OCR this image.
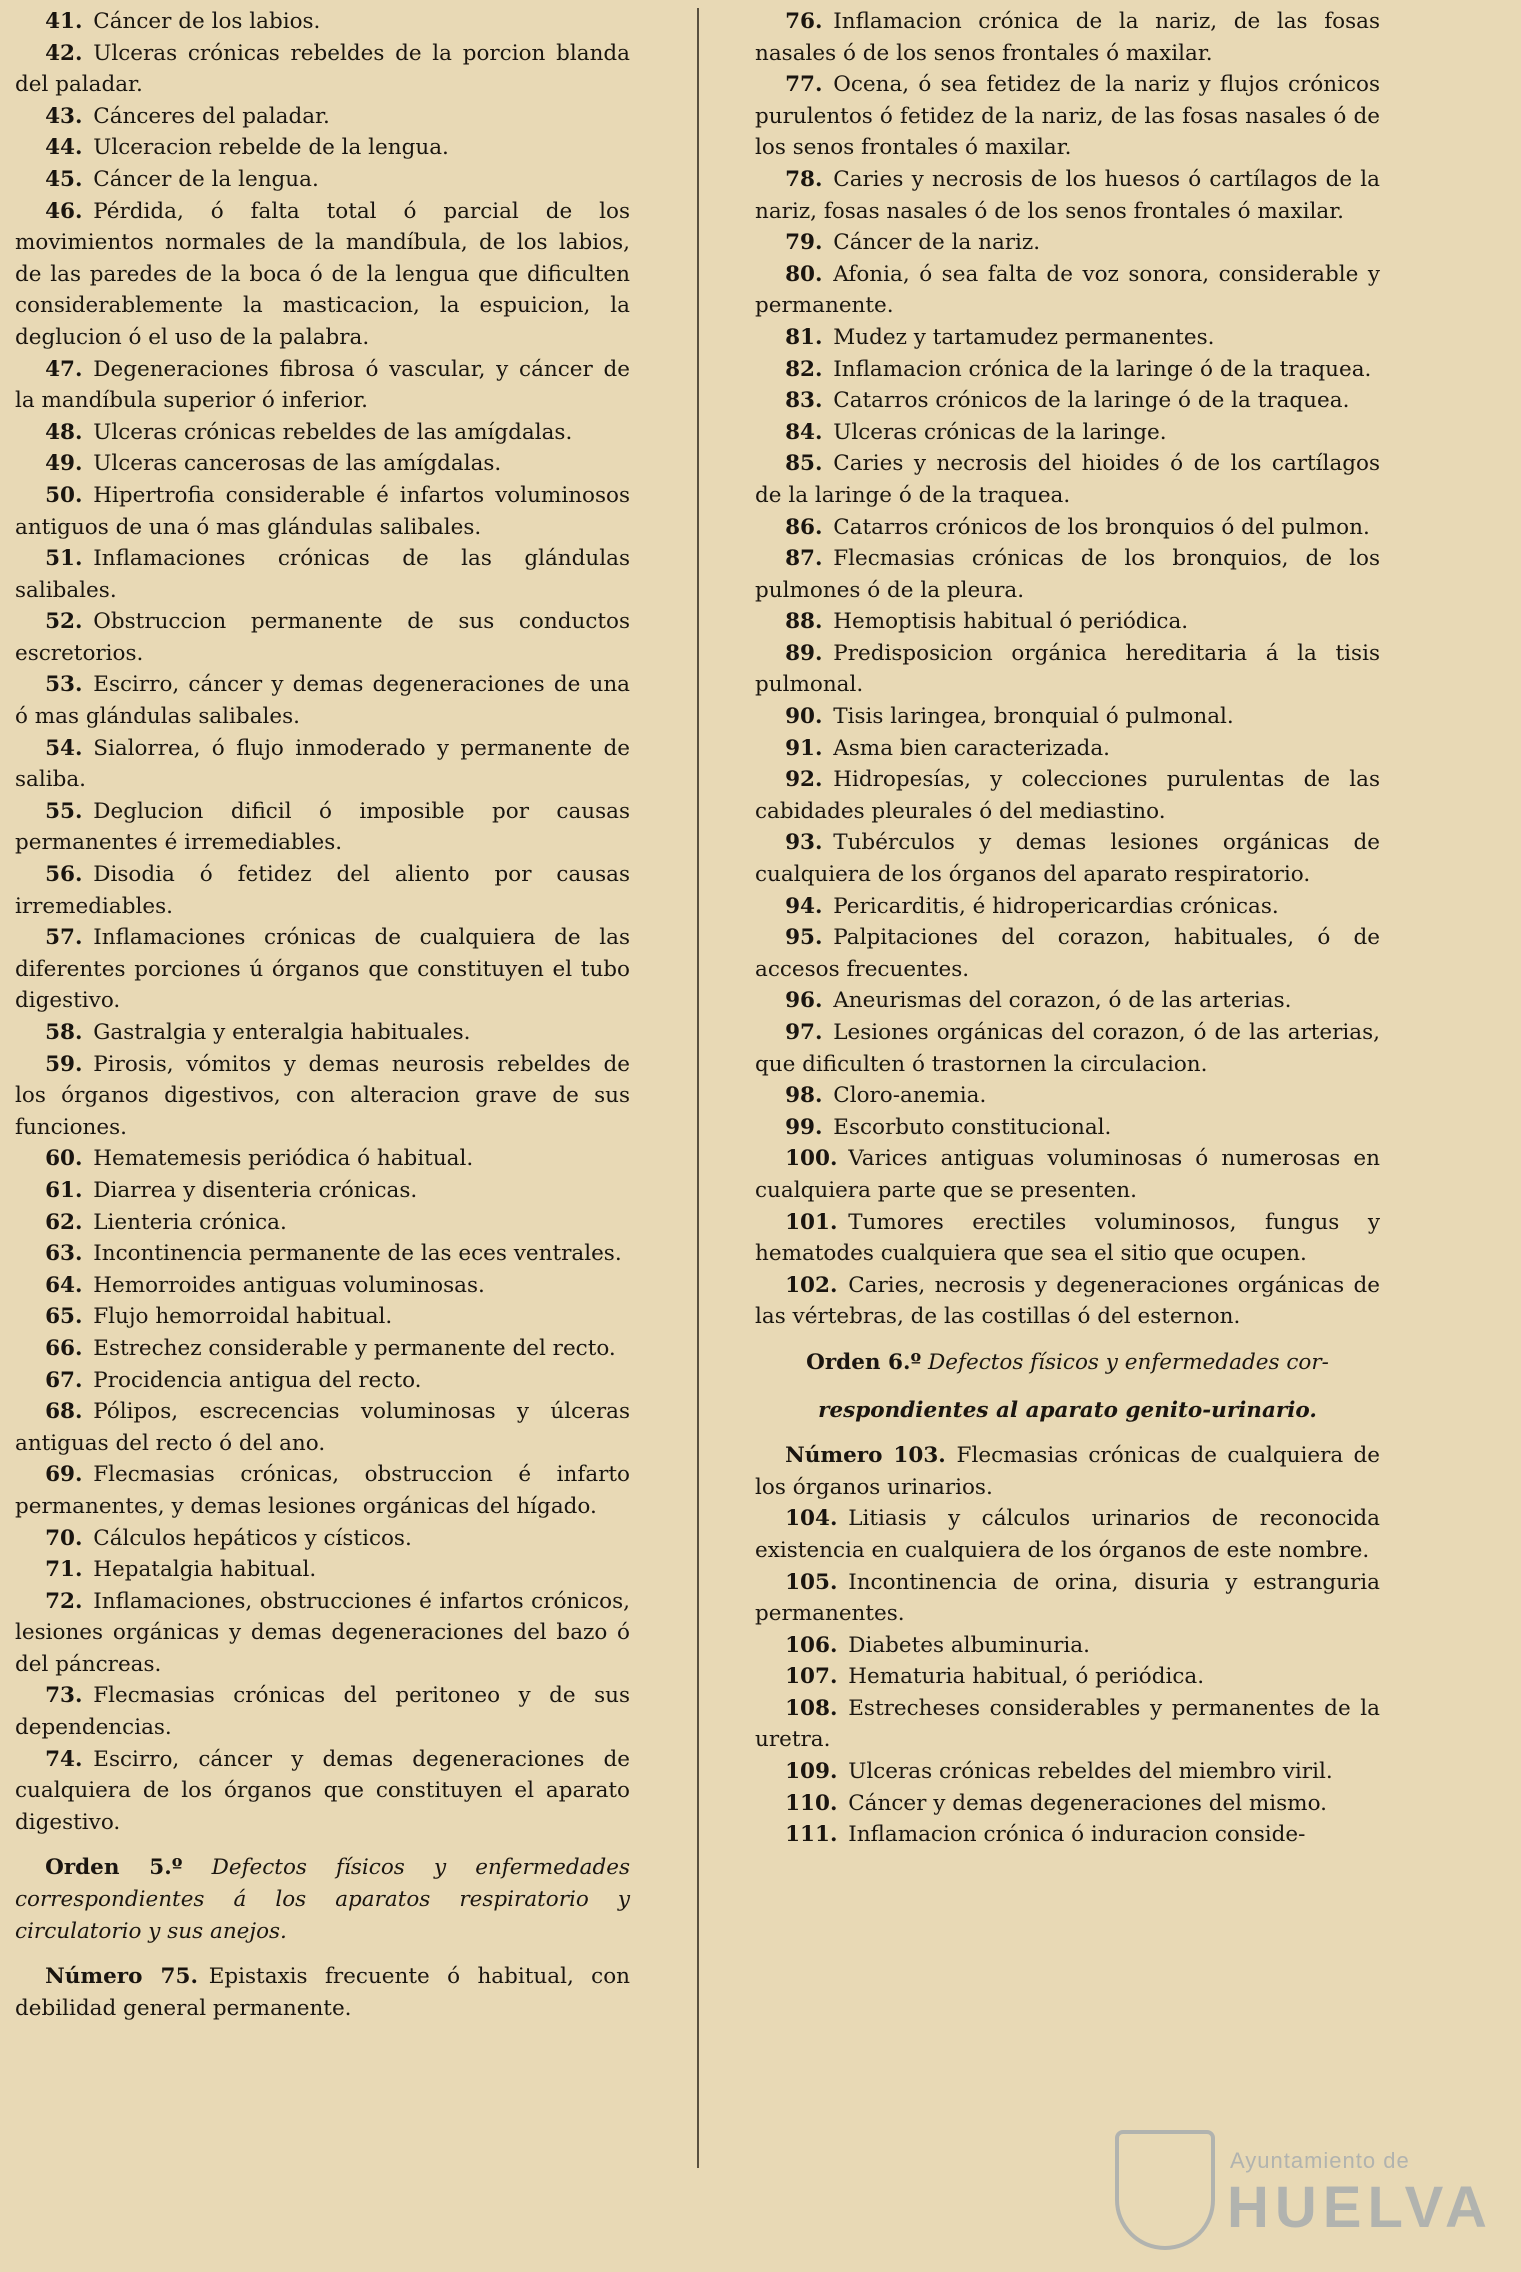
41. Cáncer de los labios.

42. Ulceras crónicas rebeldes de la porcion blanda del paladar.

43. Cánceres del paladar.

44. Ulceracion rebelde de la lengua.

45. Cáncer de la lengua.

46. Pérdida, ó falta total ó parcial de los movimientos normales de la mandíbula, de los labios, de las paredes de la boca ó de la lengua que dificulten considerablemente la masticacion, la espuicion, la deglucion ó el uso de la palabra.

47. Degeneraciones fibrosa ó vascular, y cáncer de la mandíbula superior ó inferior.

48. Ulceras crónicas rebeldes de las amígdalas.

49. Ulceras cancerosas de las amígdalas.

50. Hipertrofia considerable é infartos voluminosos antiguos de una ó mas glándulas salibales.

51. Inflamaciones crónicas de las glándulas salibales.

52. Obstruccion permanente de sus conductos escretorios.

53. Escirro, cáncer y demas degeneraciones de una ó mas glándulas salibales.

54. Sialorrea, ó flujo inmoderado y permanente de saliba.

55. Deglucion dificil ó imposible por causas permanentes é irremediables.

56. Disodia ó fetidez del aliento por causas irremediables.

57. Inflamaciones crónicas de cualquiera de las diferentes porciones ú órganos que constituyen el tubo digestivo.

58. Gastralgia y enteralgia habituales.

59. Pirosis, vómitos y demas neurosis rebeldes de los órganos digestivos, con alteracion grave de sus funciones.

60. Hematemesis periódica ó habitual.

61. Diarrea y disenteria crónicas.

62. Lienteria crónica.

63. Incontinencia permanente de las eces ventrales.

64. Hemorroides antiguas voluminosas.

65. Flujo hemorroidal habitual.

66. Estrechez considerable y permanente del recto.

67. Procidencia antigua del recto.

68. Pólipos, escrecencias voluminosas y úlceras antiguas del recto ó del ano.

69. Flecmasias crónicas, obstruccion é infarto permanentes, y demas lesiones orgánicas del hígado.

70. Cálculos hepáticos y císticos.

71. Hepatalgia habitual.

72. Inflamaciones, obstrucciones é infartos crónicos, lesiones orgánicas y demas degeneraciones del bazo ó del páncreas.

73. Flecmasias crónicas del peritoneo y de sus dependencias.

74. Escirro, cáncer y demas degeneraciones de cualquiera de los órganos que constituyen el aparato digestivo.

Orden 5.º Defectos físicos y enfermedades correspondientes á los aparatos respiratorio y circulatorio y sus anejos.

Número 75. Epistaxis frecuente ó habitual, con debilidad general permanente.

76. Inflamacion crónica de la nariz, de las fosas nasales ó de los senos frontales ó maxilar.

77. Ocena, ó sea fetidez de la nariz y flujos crónicos purulentos ó fetidez de la nariz, de las fosas nasales ó de los senos frontales ó maxilar.

78. Caries y necrosis de los huesos ó cartílagos de la nariz, fosas nasales ó de los senos frontales ó maxilar.

79. Cáncer de la nariz.

80. Afonia, ó sea falta de voz sonora, considerable y permanente.

81. Mudez y tartamudez permanentes.

82. Inflamacion crónica de la laringe ó de la traquea.

83. Catarros crónicos de la laringe ó de la traquea.

84. Ulceras crónicas de la laringe.

85. Caries y necrosis del hioides ó de los cartílagos de la laringe ó de la traquea.

86. Catarros crónicos de los bronquios ó del pulmon.

87. Flecmasias crónicas de los bronquios, de los pulmones ó de la pleura.

88. Hemoptisis habitual ó periódica.

89. Predisposicion orgánica hereditaria á la tisis pulmonal.

90. Tisis laringea, bronquial ó pulmonal.

91. Asma bien caracterizada.

92. Hidropesías, y colecciones purulentas de las cabidades pleurales ó del mediastino.

93. Tubérculos y demas lesiones orgánicas de cualquiera de los órganos del aparato respiratorio.

94. Pericarditis, é hidropericardias crónicas.

95. Palpitaciones del corazon, habituales, ó de accesos frecuentes.

96. Aneurismas del corazon, ó de las arterias.

97. Lesiones orgánicas del corazon, ó de las arterias, que dificulten ó trastornen la circulacion.

98. Cloro-anemia.

99. Escorbuto constitucional.

100. Varices antiguas voluminosas ó numerosas en cualquiera parte que se presenten.

101. Tumores erectiles voluminosos, fungus y hematodes cualquiera que sea el sitio que ocupen.

102. Caries, necrosis y degeneraciones orgánicas de las vértebras, de las costillas ó del esternon.

Orden 6.º Defectos físicos y enfermedades cor-
respondientes al aparato genito-urinario.

Número 103. Flecmasias crónicas de cualquiera de los órganos urinarios.

104. Litiasis y cálculos urinarios de reconocida existencia en cualquiera de los órganos de este nombre.

105. Incontinencia de orina, disuria y estranguria permanentes.

106. Diabetes albuminuria.

107. Hematuria habitual, ó periódica.

108. Estrecheses considerables y permanentes de la uretra.

109. Ulceras crónicas rebeldes del miembro viril.

110. Cáncer y demas degeneraciones del mismo.

111. Inflamacion crónica ó induracion conside-

Ayuntamiento de
HUELVA
